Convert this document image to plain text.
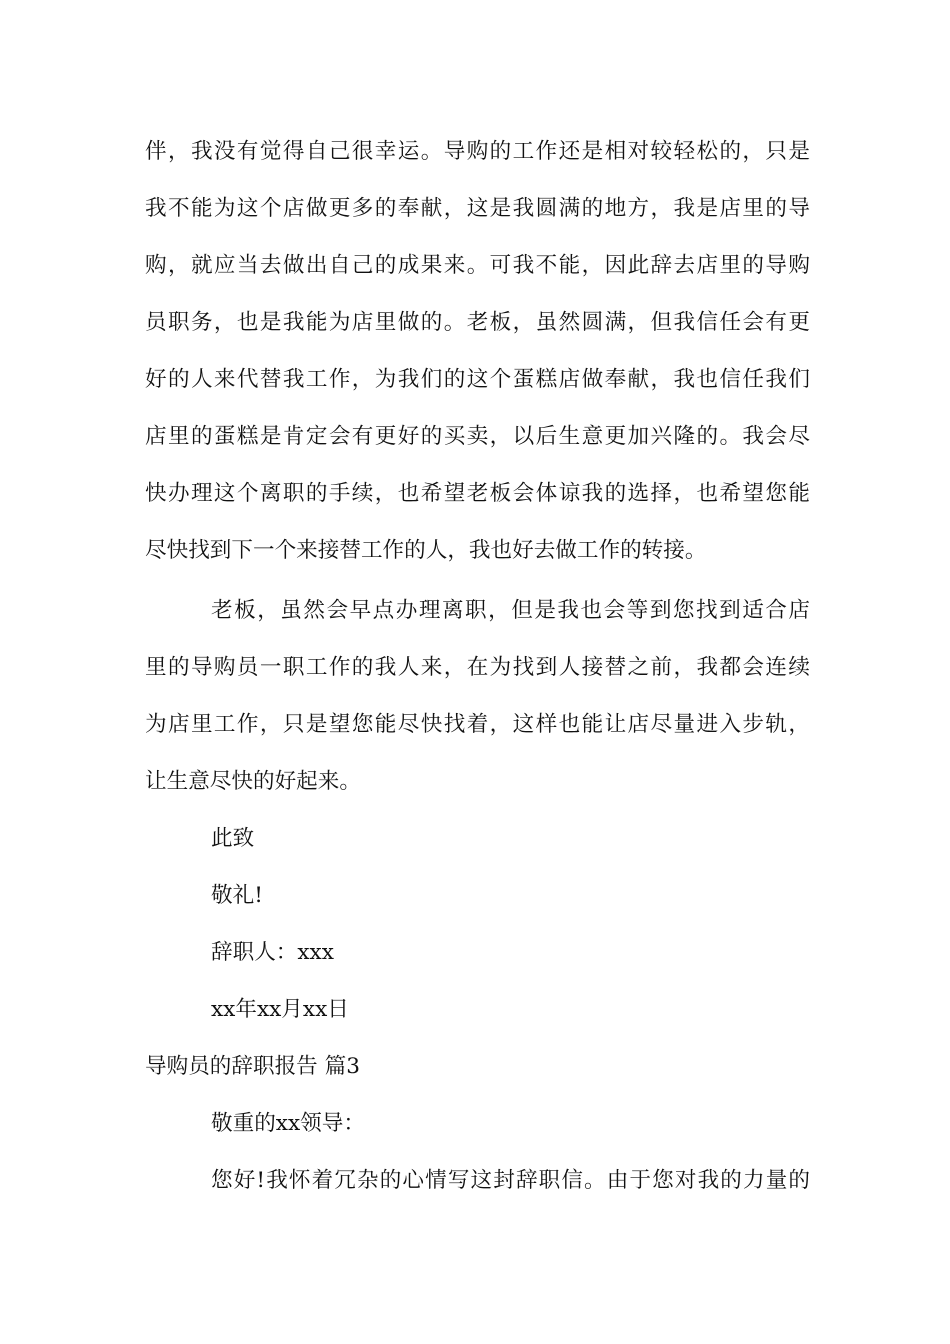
伴，我没有觉得自己很幸运。导购的工作还是相对较轻松的，只是
我不能为这个店做更多的奉献，这是我圆满的地方，我是店里的导
购，就应当去做出自己的成果来。可我不能，因此辞去店里的导购
员职务，也是我能为店里做的。老板，虽然圆满，但我信任会有更
好的人来代替我工作，为我们的这个蛋糕店做奉献，我也信任我们
店里的蛋糕是肯定会有更好的买卖，以后生意更加兴隆的。我会尽
快办理这个离职的手续，也希望老板会体谅我的选择，也希望您能
尽快找到下一个来接替工作的人，我也好去做工作的转接。
老板，虽然会早点办理离职，但是我也会等到您找到适合店
里的导购员一职工作的我人来，在为找到人接替之前，我都会连续
为店里工作，只是望您能尽快找着，这样也能让店尽量进入步轨，
让生意尽快的好起来。
此致
敬礼!
辞职人：xxx
xx年xx月xx日
导购员的辞职报告 篇3
敬重的xx领导：
您好!我怀着冗杂的心情写这封辞职信。由于您对我的力量的
